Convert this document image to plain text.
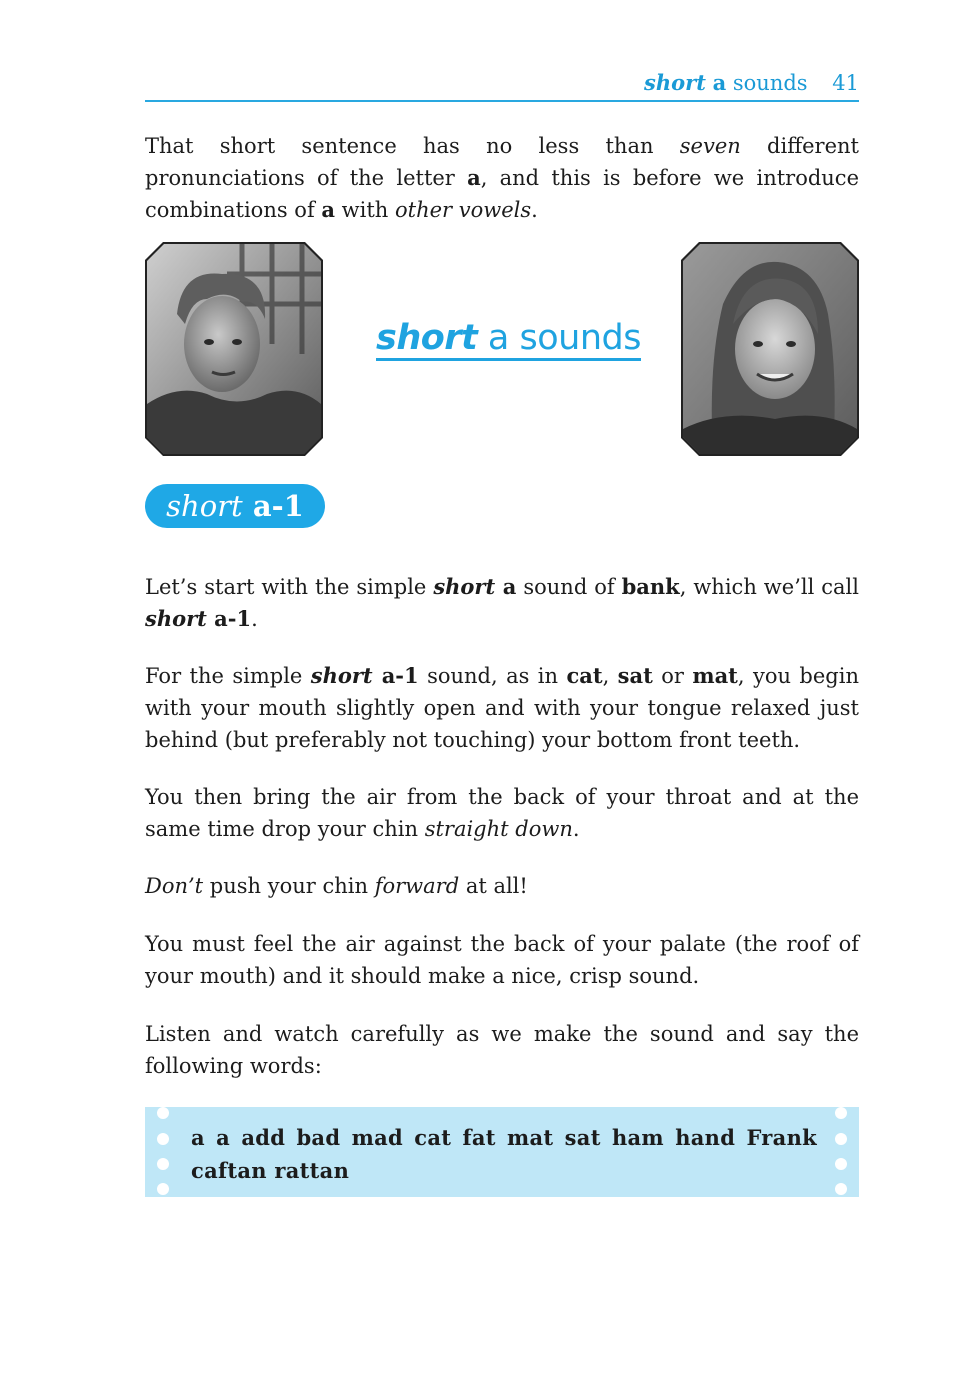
short a sounds 41

That short sentence has no less than seven different pronunciations of the letter a, and this is before we introduce combinations of a with other vowels.

short a sounds
short a-1

Let’s start with the simple short a sound of bank, which we’ll call short a-1.

For the simple short a-1 sound, as in cat, sat or mat, you begin with your mouth slightly open and with your tongue relaxed just behind (but preferably not touching) your bottom front teeth.

You then bring the air from the back of your throat and at the same time drop your chin straight down.

Don’t push your chin forward at all!

You must feel the air against the back of your palate (the roof of your mouth) and it should make a nice, crisp sound.

Listen and watch carefully as we make the sound and say the following words:

a a add bad mad cat fat mat sat ham hand Frank caftan rattan
